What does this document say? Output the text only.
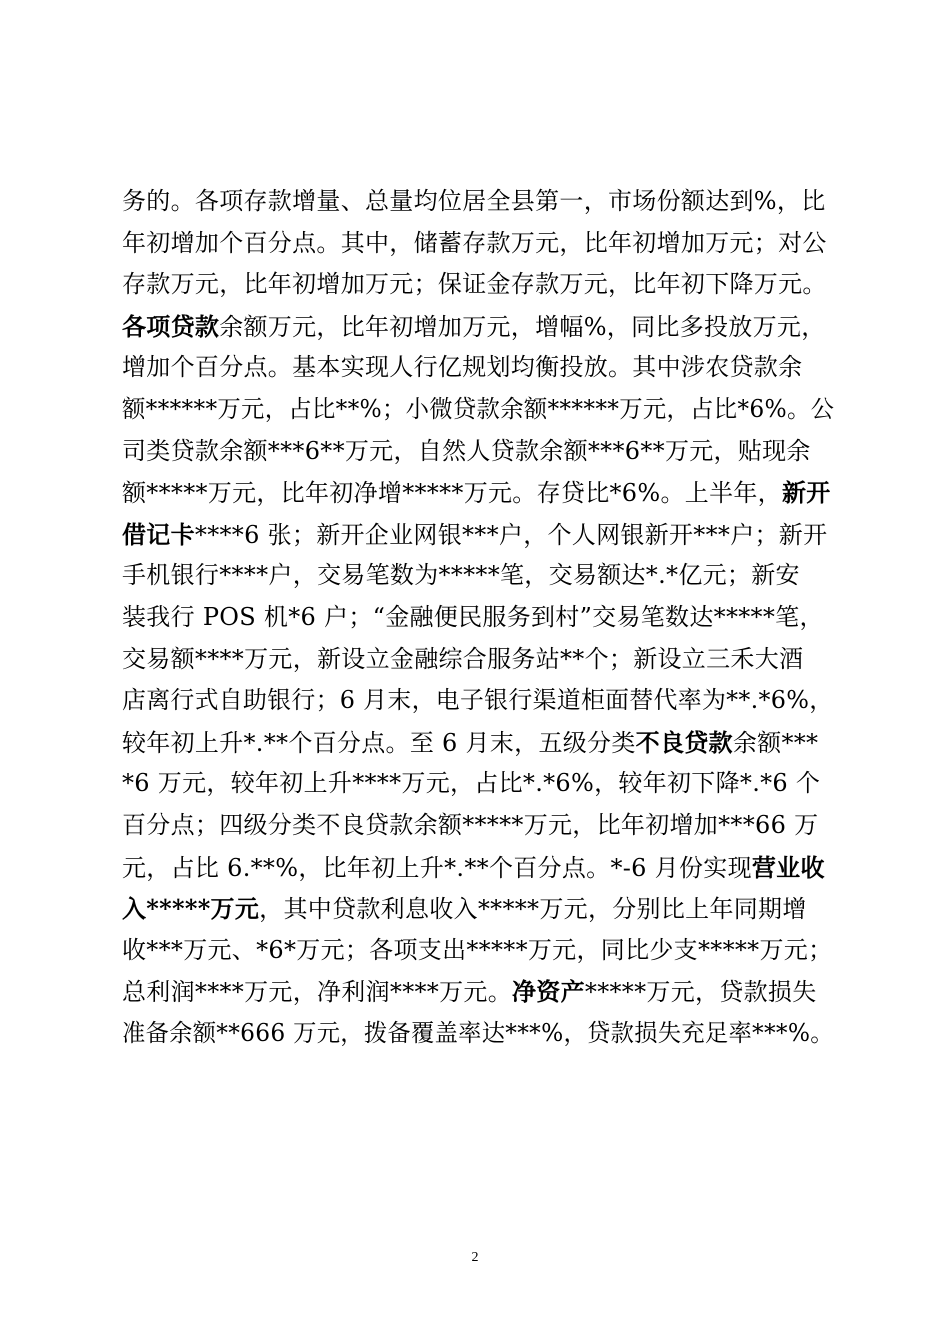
务的。各项存款增量、总量均位居全县第一，市场份额达到%，比
年初增加个百分点。其中，储蓄存款万元，比年初增加万元；对公
存款万元，比年初增加万元；保证金存款万元，比年初下降万元。
各项贷款余额万元，比年初增加万元，增幅%，同比多投放万元，
增加个百分点。基本实现人行亿规划均衡投放。其中涉农贷款余
额******万元，占比**%；小微贷款余额******万元，占比*6%。公
司类贷款余额***6**万元，自然人贷款余额***6**万元，贴现余
额*****万元，比年初净增*****万元。存贷比*6%。上半年，新开
借记卡****6 张；新开企业网银***户，个人网银新开***户；新开
手机银行****户，交易笔数为*****笔，交易额达*.*亿元；新安
装我行 POS 机*6 户；“金融便民服务到村”交易笔数达*****笔，
交易额****万元，新设立金融综合服务站**个；新设立三禾大酒
店离行式自助银行；6 月末，电子银行渠道柜面替代率为**.*6%，
较年初上升*.**个百分点。至 6 月末，五级分类不良贷款余额***
*6 万元，较年初上升****万元，占比*.*6%，较年初下降*.*6 个
百分点；四级分类不良贷款余额*****万元，比年初增加***66 万
元，占比 6.**%，比年初上升*.**个百分点。*-6 月份实现营业收
入*****万元，其中贷款利息收入*****万元，分别比上年同期增
收***万元、*6*万元；各项支出*****万元，同比少支*****万元；
总利润****万元，净利润****万元。净资产*****万元，贷款损失
准备余额**666 万元，拨备覆盖率达***%，贷款损失充足率***%。
2
